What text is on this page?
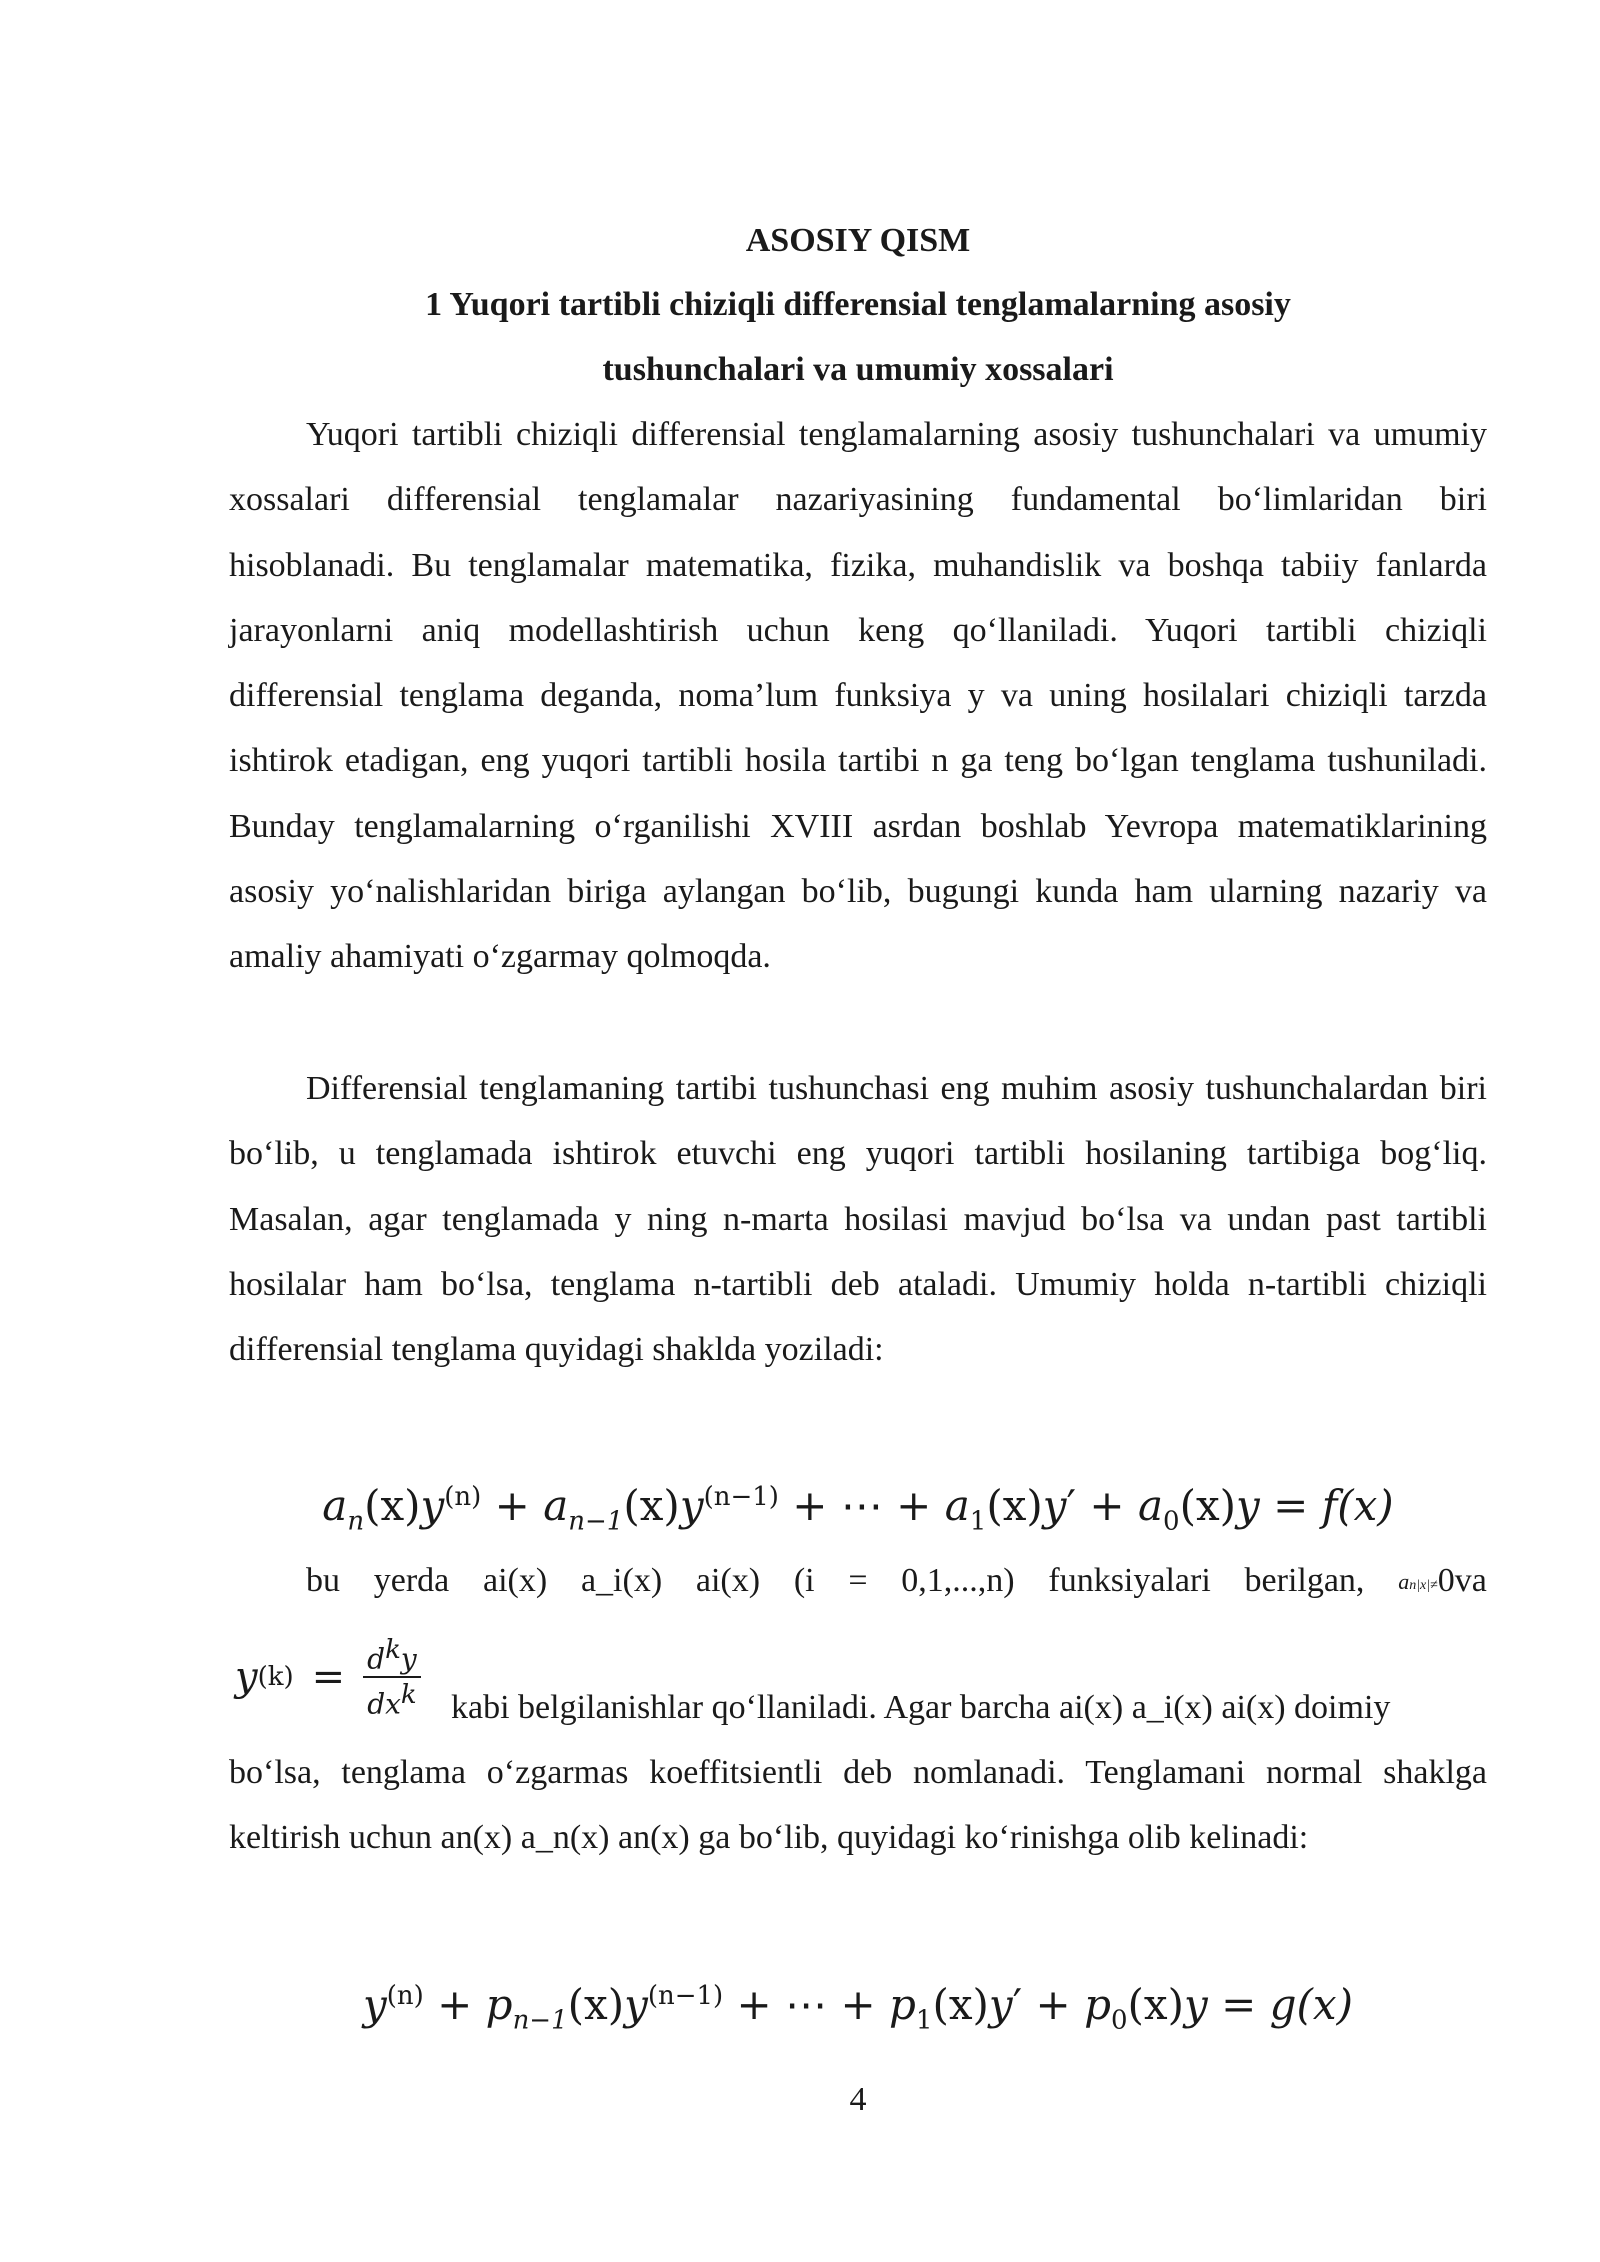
ASOSIY QISM

1 Yuqori tartibli chiziqli differensial tenglamalarning asosiy

tushunchalari va umumiy xossalari

Yuqori tartibli chiziqli differensial tenglamalarning asosiy tushunchalari va umumiy xossalari differensial tenglamalar nazariyasining fundamental bo‘limlaridan biri hisoblanadi. Bu tenglamalar matematika, fizika, muhandislik va boshqa tabiiy fanlarda jarayonlarni aniq modellashtirish uchun keng qo‘llaniladi. Yuqori tartibli chiziqli differensial tenglama deganda, noma’lum funksiya y va uning hosilalari chiziqli tarzda ishtirok etadigan, eng yuqori tartibli hosila tartibi n ga teng bo‘lgan tenglama tushuniladi. Bunday tenglamalarning o‘rganilishi XVIII asrdan boshlab Yevropa matematiklarining asosiy yo‘nalishlaridan biriga aylangan bo‘lib, bugungi kunda ham ularning nazariy va amaliy ahamiyati o‘zgarmay qolmoqda.

Differensial tenglamaning tartibi tushunchasi eng muhim asosiy tushunchalardan biri bo‘lib, u tenglamada ishtirok etuvchi eng yuqori tartibli hosilaning tartibiga bog‘liq. Masalan, agar tenglamada y ning n-marta hosilasi mavjud bo‘lsa va undan past tartibli hosilalar ham bo‘lsa, tenglama n-tartibli deb ataladi. Umumiy holda n-tartibli chiziqli differensial tenglama quyidagi shaklda yoziladi:

$a_n(x)y^{(n)} + a_{n-1}(x)y^{(n-1)}$ + ⋯ + $a_1(x)y' + a_0(x)y = f(x)$
bu yerda ai(x) a_i(x) ai(x) (i = 0,1,...,n) funksiyalari berilgan, $a_{n|x|\ne}0va$
y $(k) = \frac{d^ky}{dx^k}$ kabi belgilanishlar qo‘llaniladi. Agar barcha ai(x) a_i(x) ai(x) doimiy

bo‘lsa, tenglama o‘zgarmas koeffitsientli deb nomlanadi. Tenglamani normal shaklga keltirish uchun an(x) a_n(x) an(x) ga bo‘lib, quyidagi ko‘rinishga olib kelinadi:

$y^{(n)} + p_{n-1}(x)y^{(n-1)}$ + ⋯ + $p_1(x)y' + p_0(x)y = g(x)$
4
